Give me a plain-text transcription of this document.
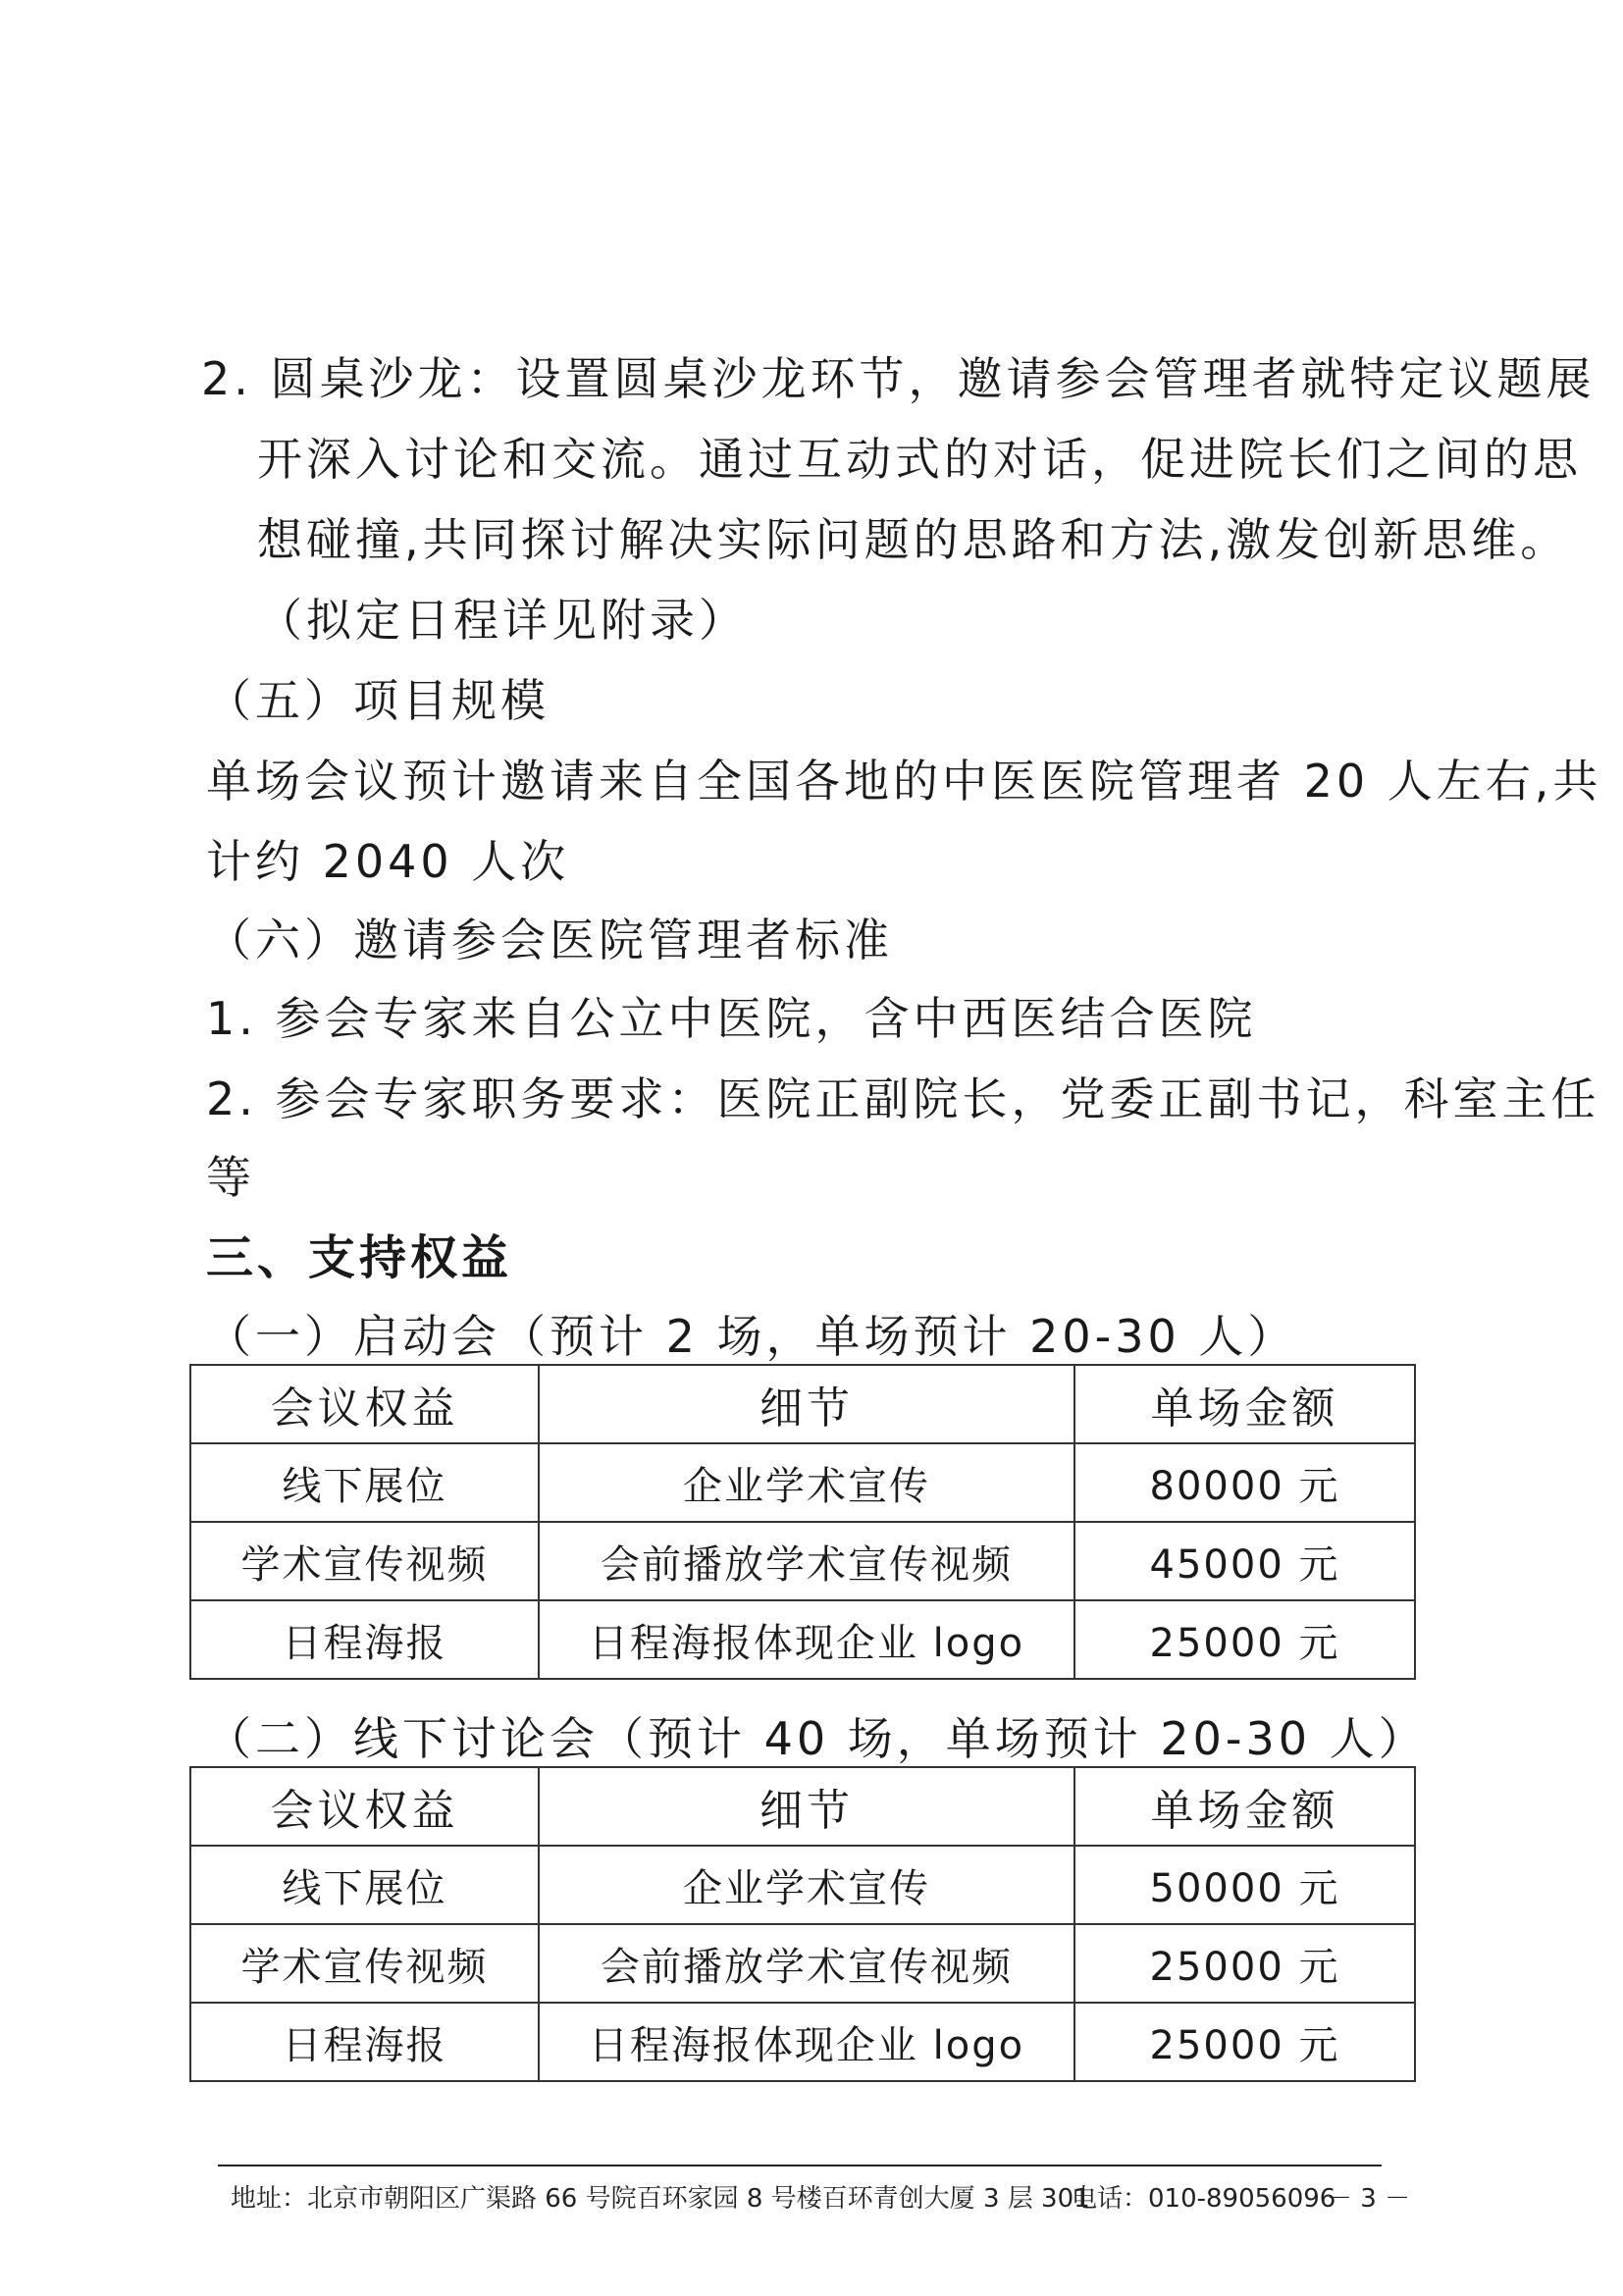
2. 圆桌沙龙：设置圆桌沙龙环节，邀请参会管理者就特定议题展
开深入讨论和交流。通过互动式的对话，促进院长们之间的思
想碰撞,共同探讨解决实际问题的思路和方法,激发创新思维。
（拟定日程详见附录）
（五）项目规模
单场会议预计邀请来自全国各地的中医医院管理者 20 人左右,共
计约 2040 人次
（六）邀请参会医院管理者标准
1. 参会专家来自公立中医院，含中西医结合医院
2. 参会专家职务要求：医院正副院长，党委正副书记，科室主任
等
三、支持权益
（一）启动会（预计 2 场，单场预计 20-30 人）
会议权益	细节	单场金额
线下展位	企业学术宣传	80000 元
学术宣传视频	会前播放学术宣传视频	45000 元
日程海报	日程海报体现企业 logo	25000 元
（二）线下讨论会（预计 40 场，单场预计 20-30 人）
会议权益	细节	单场金额
线下展位	企业学术宣传	50000 元
学术宣传视频	会前播放学术宣传视频	25000 元
日程海报	日程海报体现企业 logo	25000 元
地址：北京市朝阳区广渠路 66 号院百环家园 8 号楼百环青创大厦 3 层 301
电话：010-89056096
－ 3 －
